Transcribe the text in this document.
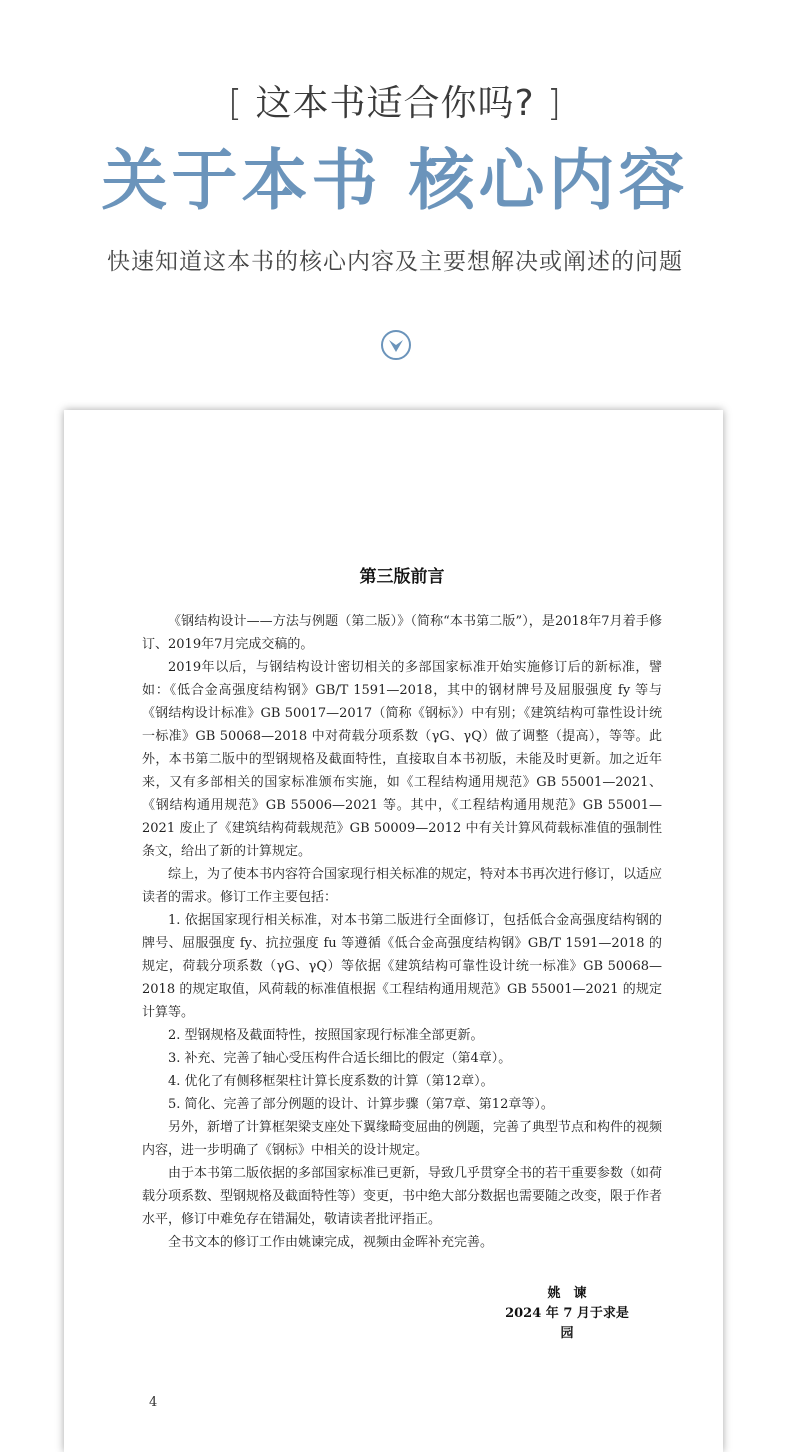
[ 这本书适合你吗? ]
关于本书 核心内容
快速知道这本书的核心内容及主要想解决或阐述的问题
第三版前言

《钢结构设计——方法与例题（第二版）》（简称“本书第二版”），是2018年7月着手修订、2019年7月完成交稿的。

2019年以后，与钢结构设计密切相关的多部国家标准开始实施修订后的新标准，譬如：《低合金高强度结构钢》GB/T 1591—2018，其中的钢材牌号及屈服强度 fy 等与《钢结构设计标准》GB 50017—2017（简称《钢标》）中有别；《建筑结构可靠性设计统一标准》GB 50068—2018 中对荷载分项系数（γG、γQ）做了调整（提高），等等。此外，本书第二版中的型钢规格及截面特性，直接取自本书初版，未能及时更新。加之近年来，又有多部相关的国家标准颁布实施，如《工程结构通用规范》GB 55001—2021、《钢结构通用规范》GB 55006—2021 等。其中，《工程结构通用规范》GB 55001—2021 废止了《建筑结构荷载规范》GB 50009—2012 中有关计算风荷载标准值的强制性条文，给出了新的计算规定。

综上，为了使本书内容符合国家现行相关标准的规定，特对本书再次进行修订，以适应读者的需求。修订工作主要包括：

1. 依据国家现行相关标准，对本书第二版进行全面修订，包括低合金高强度结构钢的牌号、屈服强度 fy、抗拉强度 fu 等遵循《低合金高强度结构钢》GB/T 1591—2018 的规定，荷载分项系数（γG、γQ）等依据《建筑结构可靠性设计统一标准》GB 50068—2018 的规定取值，风荷载的标准值根据《工程结构通用规范》GB 55001—2021 的规定计算等。

2. 型钢规格及截面特性，按照国家现行标准全部更新。

3. 补充、完善了轴心受压构件合适长细比的假定（第4章）。

4. 优化了有侧移框架柱计算长度系数的计算（第12章）。

5. 简化、完善了部分例题的设计、计算步骤（第7章、第12章等）。

另外，新增了计算框架梁支座处下翼缘畸变屈曲的例题，完善了典型节点和构件的视频内容，进一步明确了《钢标》中相关的设计规定。

由于本书第二版依据的多部国家标准已更新，导致几乎贯穿全书的若干重要参数（如荷载分项系数、型钢规格及截面特性等）变更，书中绝大部分数据也需要随之改变，限于作者水平，修订中难免存在错漏处，敬请读者批评指正。

全书文本的修订工作由姚谏完成，视频由金晖补充完善。

姚　谏
2024 年 7 月于求是园
4
